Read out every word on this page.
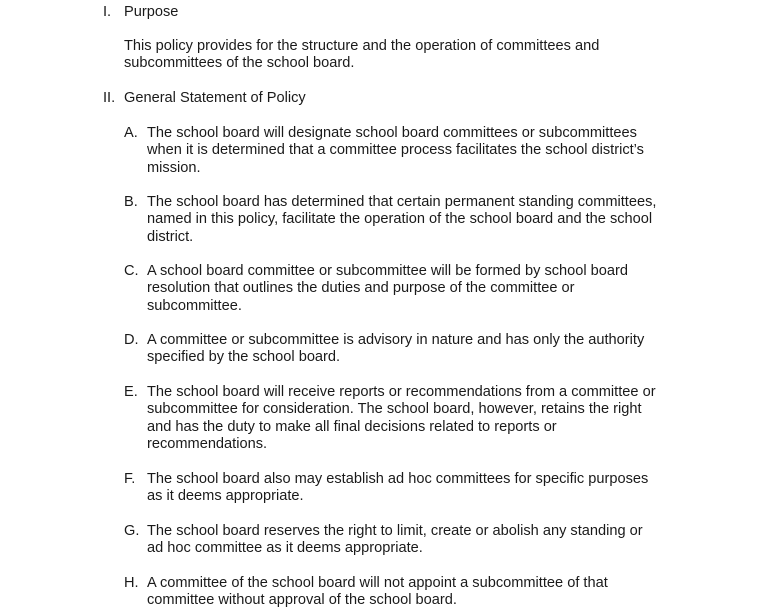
I. Purpose
This policy provides for the structure and the operation of committees and
subcommittees of the school board.
II. General Statement of Policy
A. The school board will designate school board committees or subcommittees
when it is determined that a committee process facilitates the school district’s
mission.
B. The school board has determined that certain permanent standing committees,
named in this policy, facilitate the operation of the school board and the school
district.
C. A school board committee or subcommittee will be formed by school board
resolution that outlines the duties and purpose of the committee or
subcommittee.
D. A committee or subcommittee is advisory in nature and has only the authority
specified by the school board.
E. The school board will receive reports or recommendations from a committee or
subcommittee for consideration. The school board, however, retains the right
and has the duty to make all final decisions related to reports or
recommendations.
F. The school board also may establish ad hoc committees for specific purposes
as it deems appropriate.
G. The school board reserves the right to limit, create or abolish any standing or
ad hoc committee as it deems appropriate.
H. A committee of the school board will not appoint a subcommittee of that
committee without approval of the school board.
